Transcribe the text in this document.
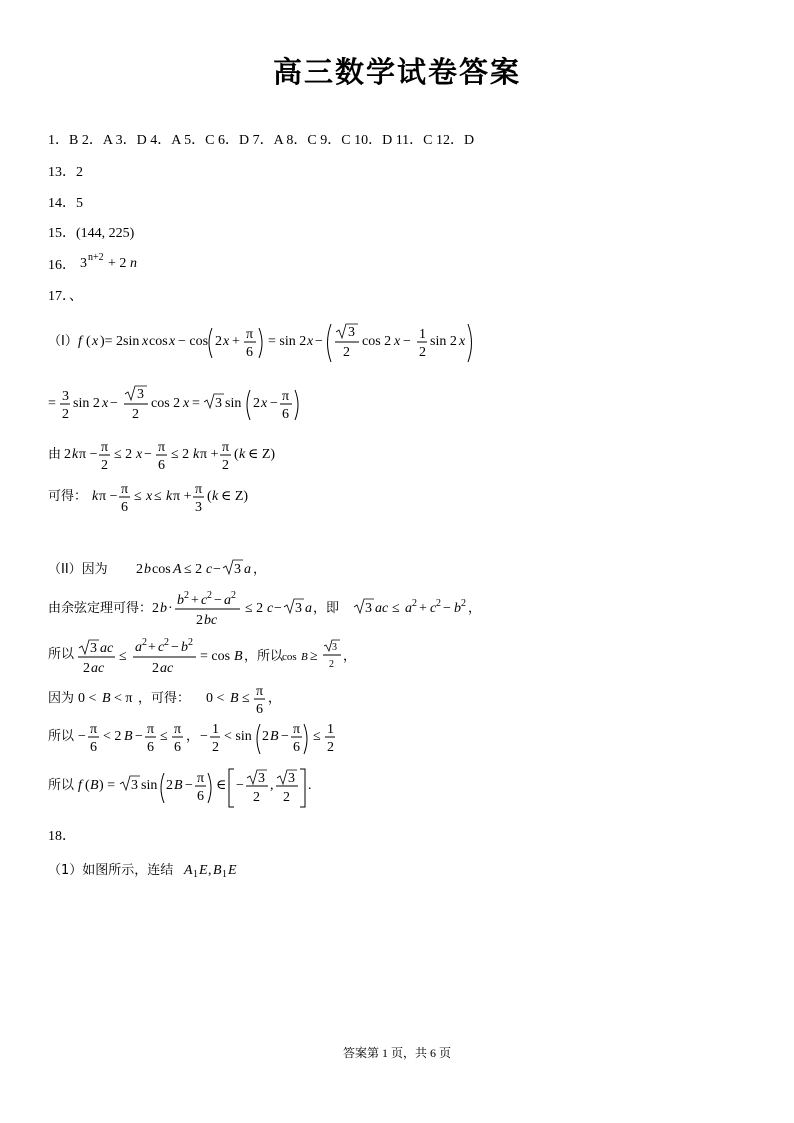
高三数学试卷答案
1．B 2．A 3．D 4．A 5．C 6．D 7．A 8．C 9．C 10．D 11．C 12．D
13．2
14．5
15．(144, 225)
16． 3 n+2 + 2 n
17．、
（I） f ( x )= 2sin x cos x − cos 2 x + π
6
= sin 2 x −
3
2
cos 2 x − 1
2
sin 2 x
= 3
2
sin 2 x −
3
2
cos 2 x = 3 sin 2 x − π
6
由 2 k π − π
2
≤ 2 x − π
6
≤ 2 k π + π
2
( k ∈ Z)
可得： k π − π
6
≤ x ≤ k π + π
3
( k ∈ Z)
（II）因为 2 b cos A ≤ 2 c − 3 a ，
由余弦定理可得： 2 b ·
b 2 + c 2 − a 2
2 bc
≤ 2 c − 3 a ，即 3 ac ≤ a 2 + c 2 − b 2 ，
所以 3 ac
2 ac
≤
a 2 + c 2 − b 2
2 ac
= cos B ，所以
cos B ≥
3
2
，
因为 0 < B < π ，可得： 0 < B ≤ π
6
，
所以 − π
6
< 2 B − π
6
≤ π
6
， − 1
2
< sin 2 B − π
6
≤ 1
2
所以 f ( B ) = 3 sin 2 B − π
6
∈ − 3
2
, 3
2
.
18．
（1）如图所示，连结 A 1 E , B 1 E
答案第 1 页，共 6 页
